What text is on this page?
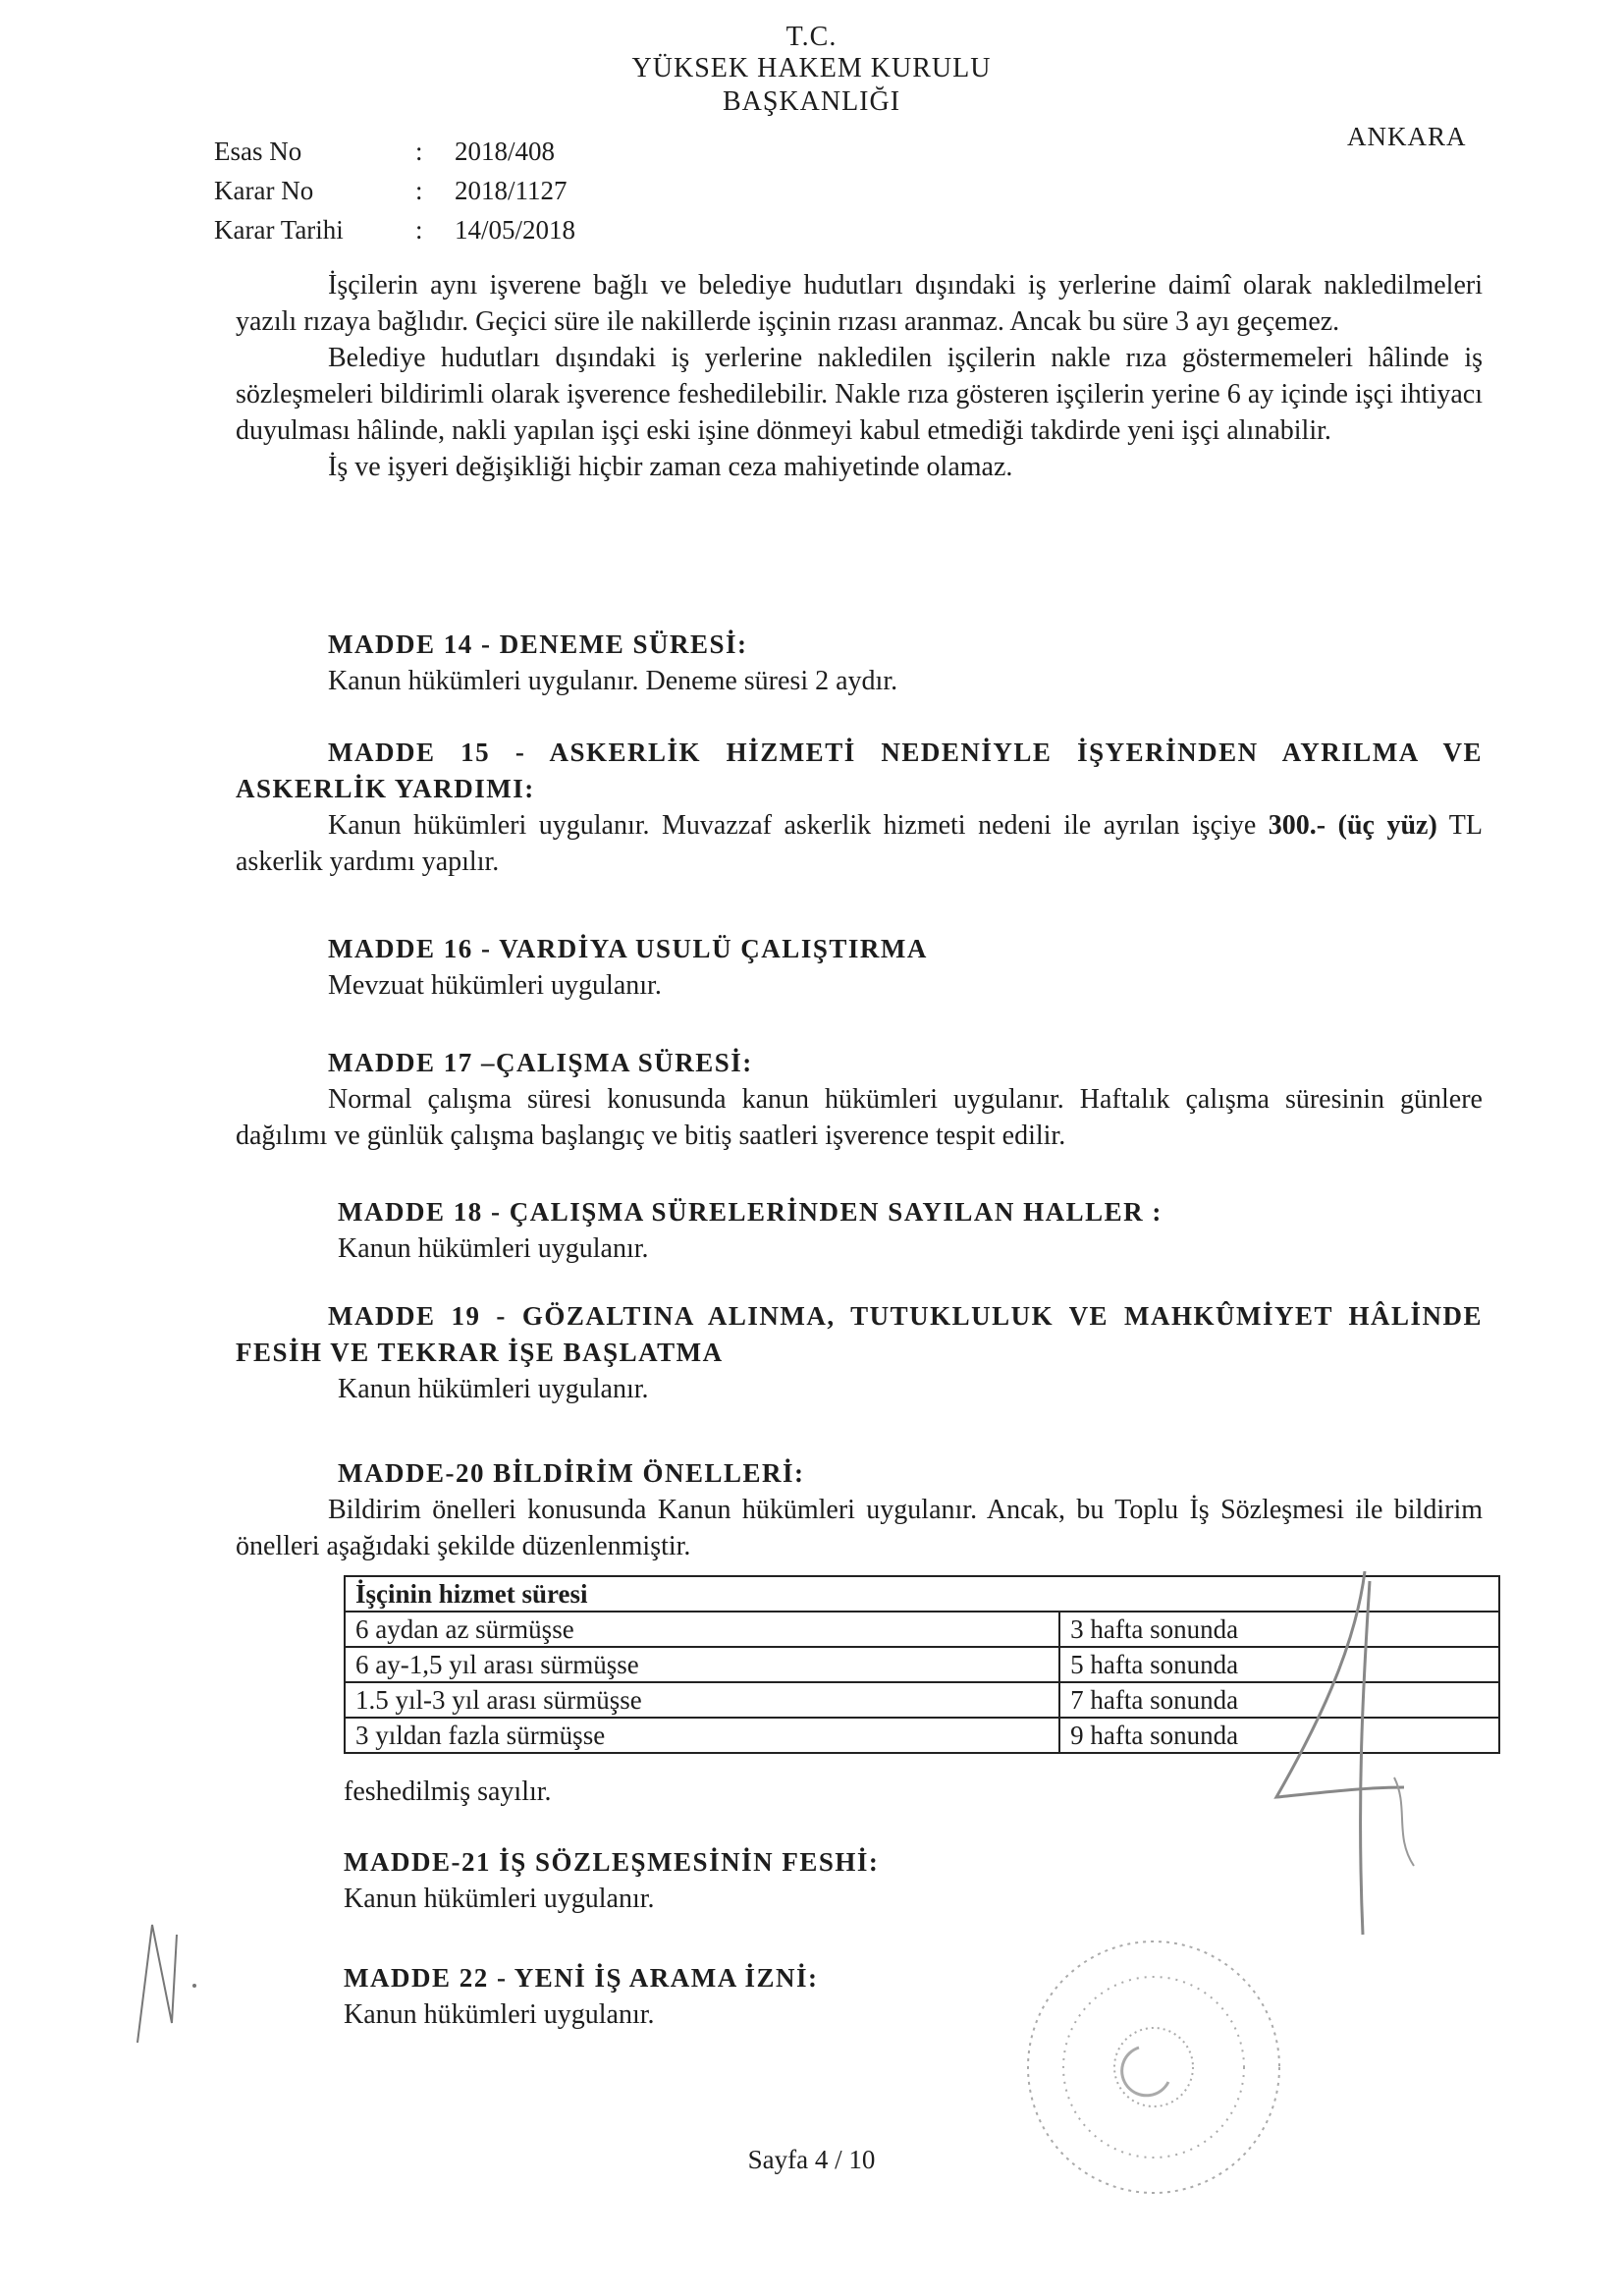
T.C.
YÜKSEK HAKEM KURULU
BAŞKANLIĞI
ANKARA
Esas No	:	2018/408
Karar No	:	2018/1127
Karar Tarihi	:	14/05/2018

İşçilerin aynı işverene bağlı ve belediye hudutları dışındaki iş yerlerine daimî olarak nakledilmeleri yazılı rızaya bağlıdır. Geçici süre ile nakillerde işçinin rızası aranmaz. Ancak bu süre 3 ayı geçemez.

Belediye hudutları dışındaki iş yerlerine nakledilen işçilerin nakle rıza göstermemeleri hâlinde iş sözleşmeleri bildirimli olarak işverence feshedilebilir. Nakle rıza gösteren işçilerin yerine 6 ay içinde işçi ihtiyacı duyulması hâlinde, nakli yapılan işçi eski işine dönmeyi kabul etmediği takdirde yeni işçi alınabilir.

İş ve işyeri değişikliği hiçbir zaman ceza mahiyetinde olamaz.

MADDE 14 - DENEME SÜRESİ:

Kanun hükümleri uygulanır. Deneme süresi 2 aydır.

MADDE 15 - ASKERLİK HİZMETİ NEDENİYLE İŞYERİNDEN AYRILMA VE ASKERLİK YARDIMI:

Kanun hükümleri uygulanır. Muvazzaf askerlik hizmeti nedeni ile ayrılan işçiye 300.- (üç yüz) TL askerlik yardımı yapılır.

MADDE 16 - VARDİYA USULÜ ÇALIŞTIRMA

Mevzuat hükümleri uygulanır.

MADDE 17 –ÇALIŞMA SÜRESİ:

Normal çalışma süresi konusunda kanun hükümleri uygulanır. Haftalık çalışma süresinin günlere dağılımı ve günlük çalışma başlangıç ve bitiş saatleri işverence tespit edilir.

MADDE 18 - ÇALIŞMA SÜRELERİNDEN SAYILAN HALLER :

Kanun hükümleri uygulanır.

MADDE 19 - GÖZALTINA ALINMA, TUTUKLULUK VE MAHKÛMİYET HÂLİNDE FESİH VE TEKRAR İŞE BAŞLATMA

Kanun hükümleri uygulanır.

MADDE-20 BİLDİRİM ÖNELLERİ:

Bildirim önelleri konusunda Kanun hükümleri uygulanır. Ancak, bu Toplu İş Sözleşmesi ile bildirim önelleri aşağıdaki şekilde düzenlenmiştir.

İşçinin hizmet süresi	
6 aydan az sürmüşse	3 hafta sonunda
6 ay-1,5 yıl arası sürmüşse	5 hafta sonunda
1.5 yıl-3 yıl arası sürmüşse	7 hafta sonunda
3 yıldan fazla sürmüşse	9 hafta sonunda
feshedilmiş sayılır.

MADDE-21 İŞ SÖZLEŞMESİNİN FESHİ:

Kanun hükümleri uygulanır.

MADDE 22 - YENİ İŞ ARAMA İZNİ:

Kanun hükümleri uygulanır.

Sayfa 4 / 10
